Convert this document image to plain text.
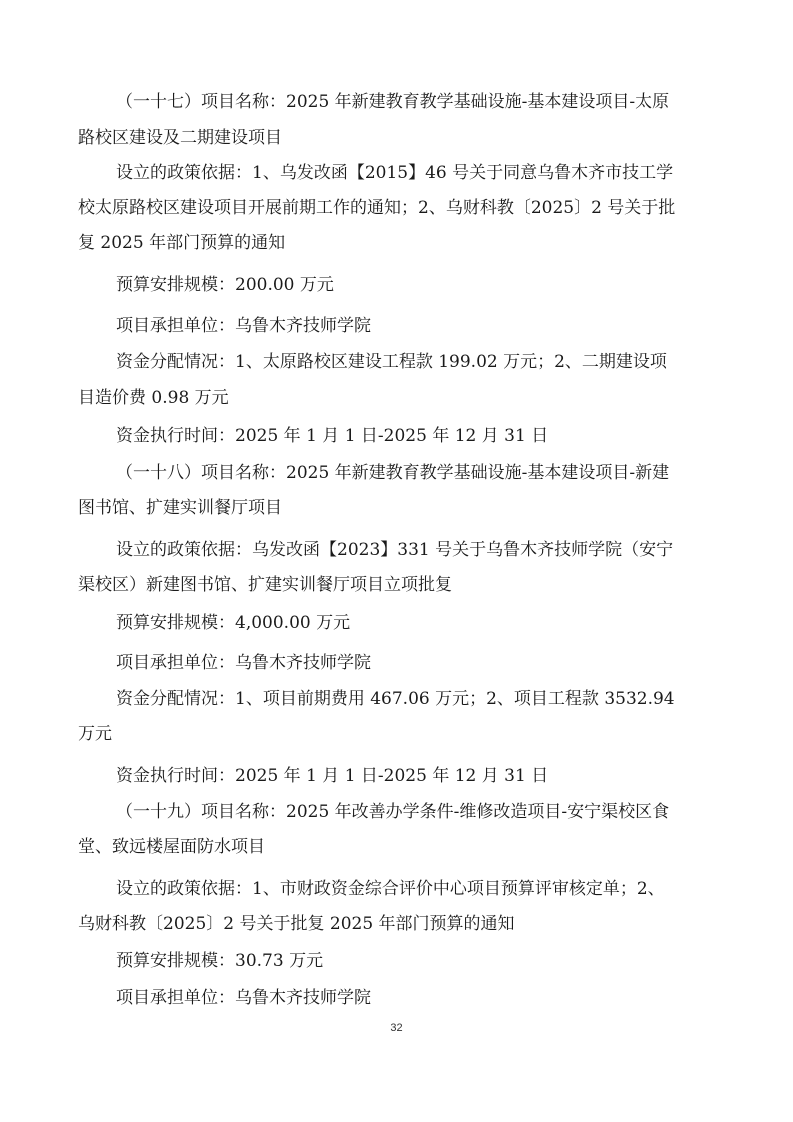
（一十七）项目名称：2025 年新建教育教学基础设施-基本建设项目-太原
路校区建设及二期建设项目
设立的政策依据：1、乌发改函【2015】46 号关于同意乌鲁木齐市技工学
校太原路校区建设项目开展前期工作的通知；2、乌财科教〔2025〕2 号关于批
复 2025 年部门预算的通知
预算安排规模：200.00 万元
项目承担单位：乌鲁木齐技师学院
资金分配情况：1、太原路校区建设工程款 199.02 万元；2、二期建设项
目造价费 0.98 万元
资金执行时间：2025 年 1 月 1 日-2025 年 12 月 31 日
（一十八）项目名称：2025 年新建教育教学基础设施-基本建设项目-新建
图书馆、扩建实训餐厅项目
设立的政策依据：乌发改函【2023】331 号关于乌鲁木齐技师学院（安宁
渠校区）新建图书馆、扩建实训餐厅项目立项批复
预算安排规模：4,000.00 万元
项目承担单位：乌鲁木齐技师学院
资金分配情况：1、项目前期费用 467.06 万元；2、项目工程款 3532.94
万元
资金执行时间：2025 年 1 月 1 日-2025 年 12 月 31 日
（一十九）项目名称：2025 年改善办学条件-维修改造项目-安宁渠校区食
堂、致远楼屋面防水项目
设立的政策依据：1、市财政资金综合评价中心项目预算评审核定单；2、
乌财科教〔2025〕2 号关于批复 2025 年部门预算的通知
预算安排规模：30.73 万元
项目承担单位：乌鲁木齐技师学院
32
